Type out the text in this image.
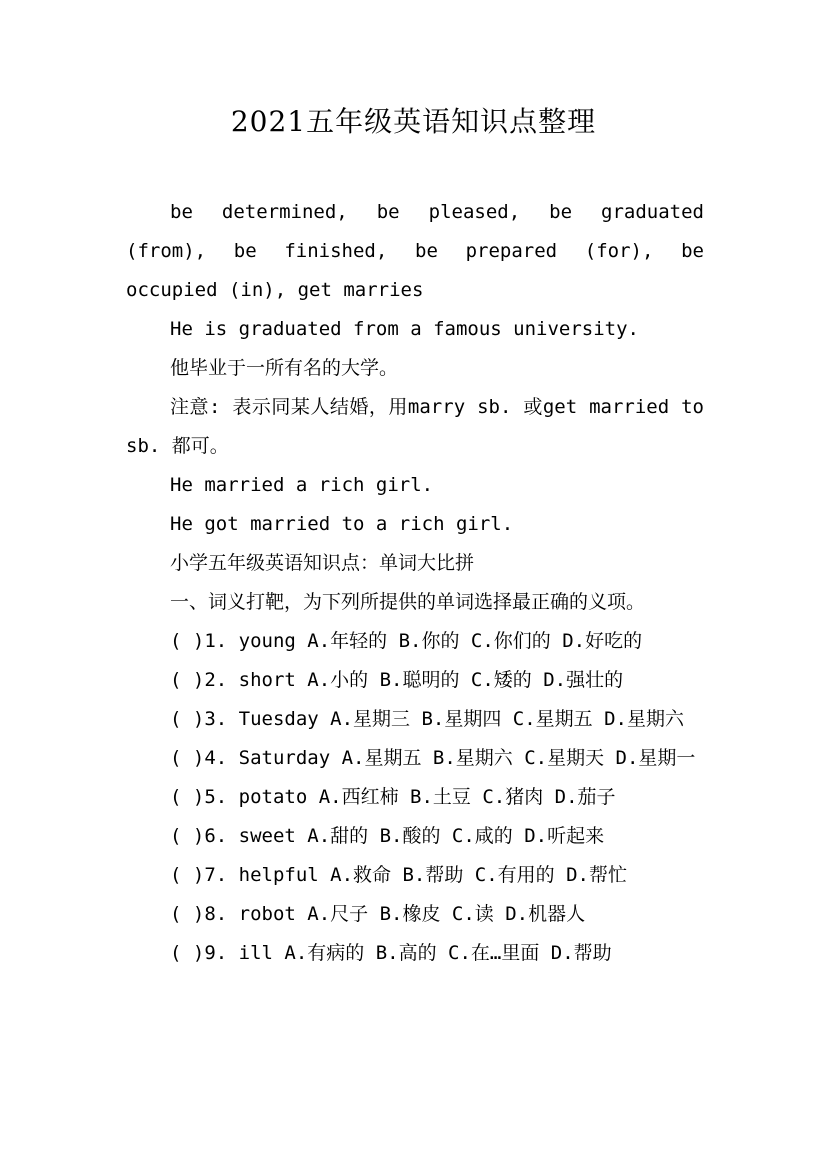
2021五年级英语知识点整理

be determined, be pleased, be graduated (from), be finished, be prepared (for), be occupied (in), get marries

He is graduated from a famous university.

他毕业于一所有名的大学。

注意: 表示同某人结婚，用marry sb. 或get married to sb. 都可。

He married a rich girl.

He got married to a rich girl.

小学五年级英语知识点：单词大比拼

一、词义打靶，为下列所提供的单词选择最正确的义项。

( )1. young A.年轻的 B.你的 C.你们的 D.好吃的

( )2. short A.小的 B.聪明的 C.矮的 D.强壮的

( )3. Tuesday A.星期三 B.星期四 C.星期五 D.星期六

( )4. Saturday A.星期五 B.星期六 C.星期天 D.星期一

( )5. potato A.西红柿 B.土豆 C.猪肉 D.茄子

( )6. sweet A.甜的 B.酸的 C.咸的 D.听起来

( )7. helpful A.救命 B.帮助 C.有用的 D.帮忙

( )8. robot A.尺子 B.橡皮 C.读 D.机器人

( )9. ill A.有病的 B.高的 C.在…里面 D.帮助
